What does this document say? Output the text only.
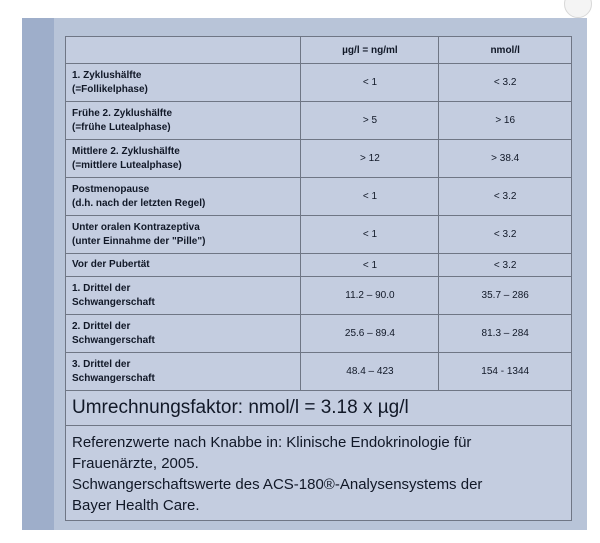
	µg/l = ng/ml	nmol/l

1. Zyklushälfte
(=Follikelphase)	< 1	< 3.2

Frühe 2. Zyklushälfte
(=frühe Lutealphase)	> 5	> 16

Mittlere 2. Zyklushälfte
(=mittlere Lutealphase)	> 12	> 38.4

Postmenopause
(d.h. nach der letzten Regel)	< 1	< 3.2

Unter oralen Kontrazeptiva
(unter Einnahme der "Pille")	< 1	< 3.2

Vor der Pubertät	< 1	< 3.2

1. Drittel der
Schwangerschaft	11.2 – 90.0	35.7 – 286

2. Drittel der
Schwangerschaft	25.6 – 89.4	81.3 – 284

3. Drittel der
Schwangerschaft	48.4 – 423	154 - 1344
Umrechnungsfaktor: nmol/l = 3.18 x µg/l		

Referenzwerte nach Knabbe in: Klinische Endokrinologie für
Frauenärzte, 2005.
Schwangerschaftswerte des ACS-180®-Analysensystems der
Bayer Health Care.		
